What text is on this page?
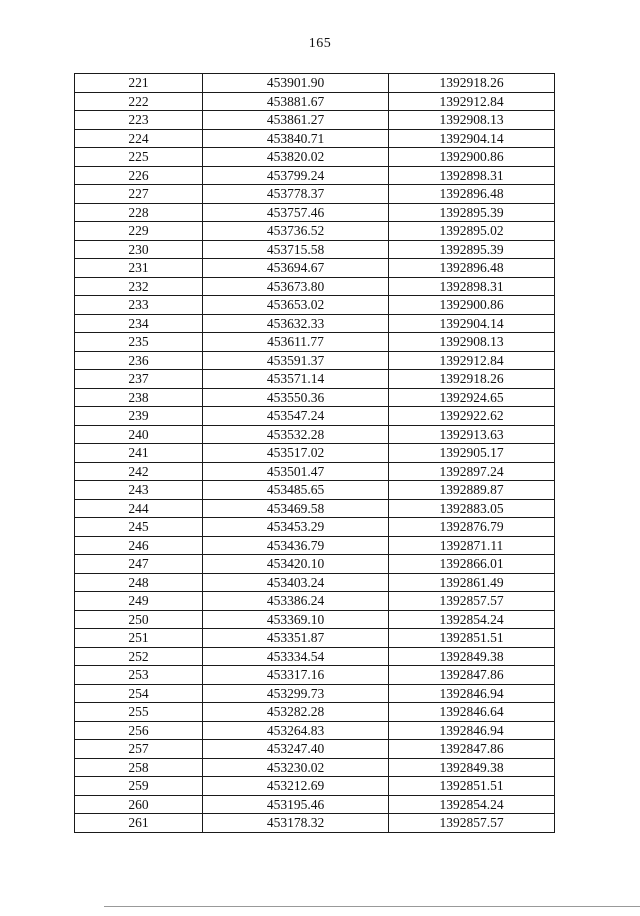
165
221	453901.90	1392918.26
222	453881.67	1392912.84
223	453861.27	1392908.13
224	453840.71	1392904.14
225	453820.02	1392900.86
226	453799.24	1392898.31
227	453778.37	1392896.48
228	453757.46	1392895.39
229	453736.52	1392895.02
230	453715.58	1392895.39
231	453694.67	1392896.48
232	453673.80	1392898.31
233	453653.02	1392900.86
234	453632.33	1392904.14
235	453611.77	1392908.13
236	453591.37	1392912.84
237	453571.14	1392918.26
238	453550.36	1392924.65
239	453547.24	1392922.62
240	453532.28	1392913.63
241	453517.02	1392905.17
242	453501.47	1392897.24
243	453485.65	1392889.87
244	453469.58	1392883.05
245	453453.29	1392876.79
246	453436.79	1392871.11
247	453420.10	1392866.01
248	453403.24	1392861.49
249	453386.24	1392857.57
250	453369.10	1392854.24
251	453351.87	1392851.51
252	453334.54	1392849.38
253	453317.16	1392847.86
254	453299.73	1392846.94
255	453282.28	1392846.64
256	453264.83	1392846.94
257	453247.40	1392847.86
258	453230.02	1392849.38
259	453212.69	1392851.51
260	453195.46	1392854.24
261	453178.32	1392857.57
